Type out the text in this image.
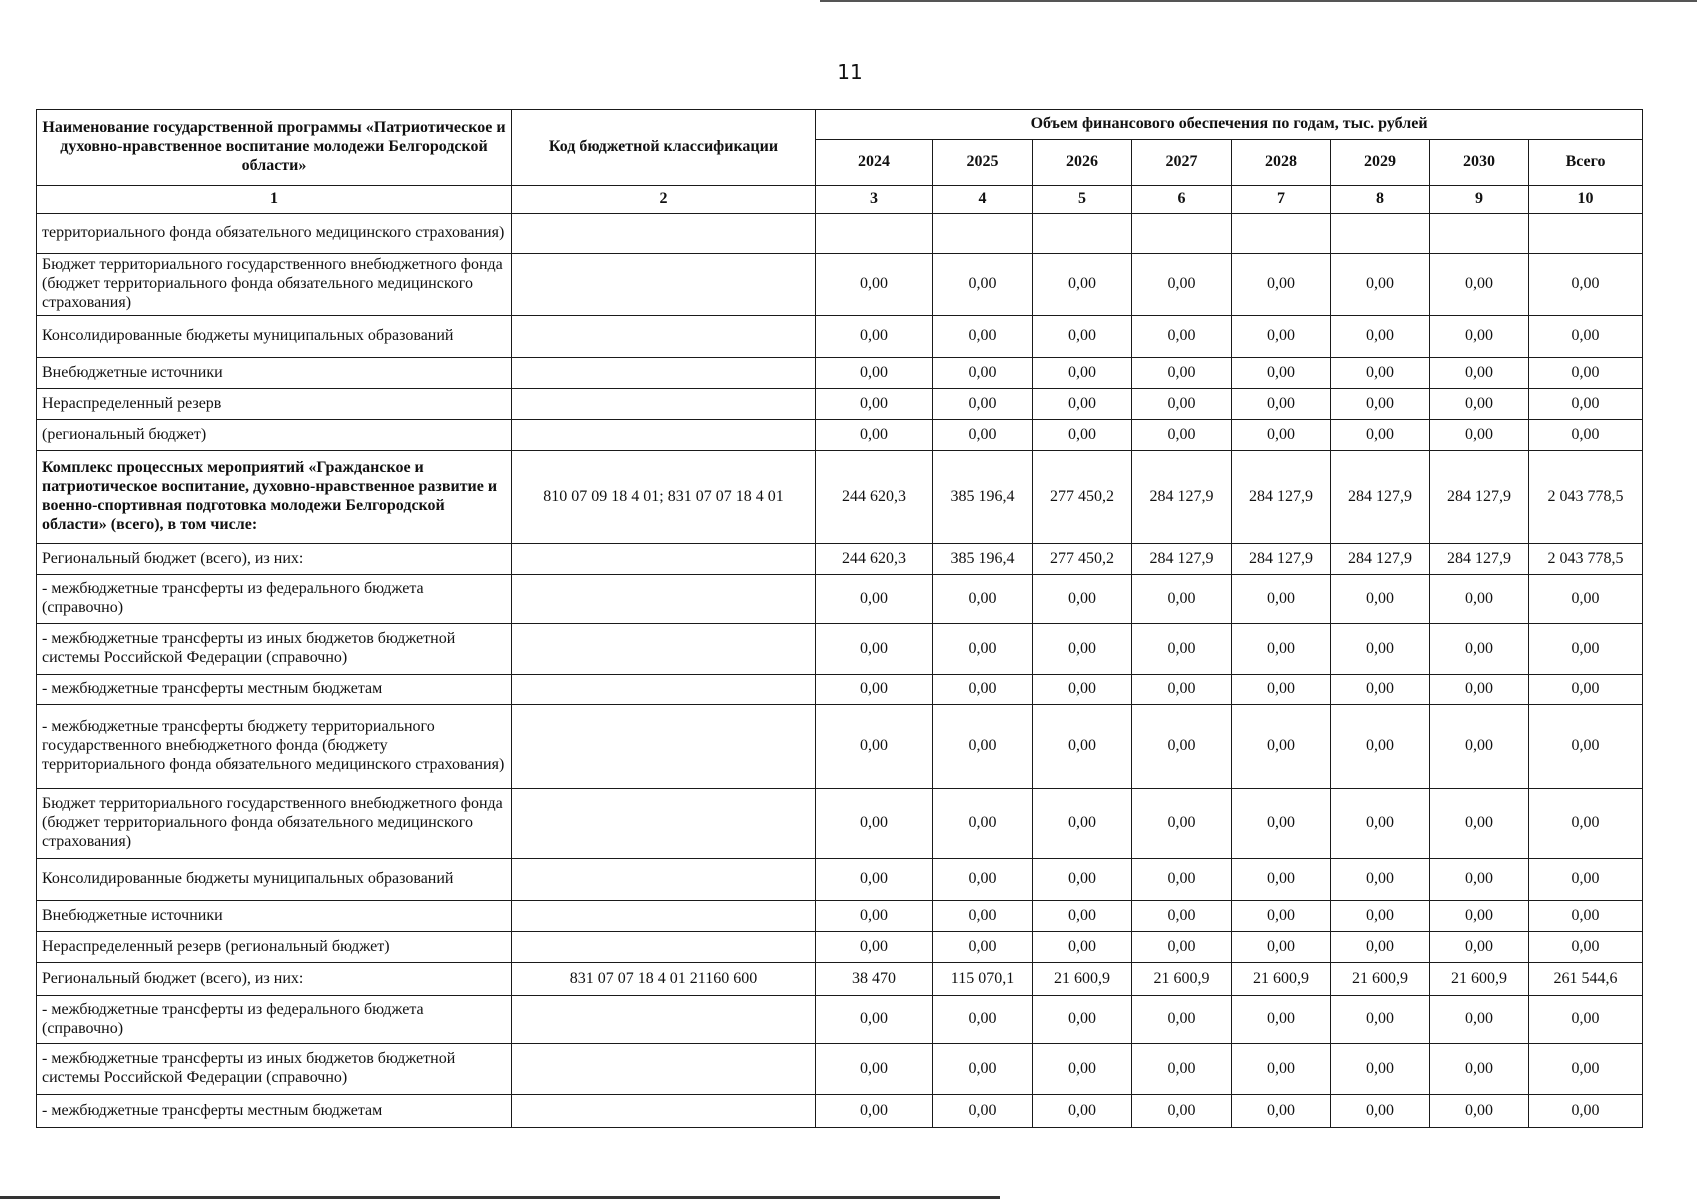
11
Наименование государственной программы «Патриотическое и духовно-нравственное воспитание молодежи Белгородской области»	Код бюджетной классификации	Объем финансового обеспечения по годам, тыс. рублей							
		2024	2025	2026	2027	2028	2029	2030	Всего
1	2	3	4	5	6	7	8	9	10
территориального фонда обязательного медицинского страхования)									
Бюджет территориального государственного внебюджетного фонда (бюджет территориального фонда обязательного медицинского страхования)		0,00	0,00	0,00	0,00	0,00	0,00	0,00	0,00
Консолидированные бюджеты муниципальных образований		0,00	0,00	0,00	0,00	0,00	0,00	0,00	0,00
Внебюджетные источники		0,00	0,00	0,00	0,00	0,00	0,00	0,00	0,00
Нераспределенный резерв		0,00	0,00	0,00	0,00	0,00	0,00	0,00	0,00
(региональный бюджет)		0,00	0,00	0,00	0,00	0,00	0,00	0,00	0,00
Комплекс процессных мероприятий «Гражданское и патриотическое воспитание, духовно-нравственное развитие и военно-спортивная подготовка молодежи Белгородской области» (всего), в том числе:	810 07 09 18 4 01; 831 07 07 18 4 01	244 620,3	385 196,4	277 450,2	284 127,9	284 127,9	284 127,9	284 127,9	2 043 778,5
Региональный бюджет (всего), из них:		244 620,3	385 196,4	277 450,2	284 127,9	284 127,9	284 127,9	284 127,9	2 043 778,5
- межбюджетные трансферты из федерального бюджета (справочно)		0,00	0,00	0,00	0,00	0,00	0,00	0,00	0,00
- межбюджетные трансферты из иных бюджетов бюджетной системы Российской Федерации (справочно)		0,00	0,00	0,00	0,00	0,00	0,00	0,00	0,00
- межбюджетные трансферты местным бюджетам		0,00	0,00	0,00	0,00	0,00	0,00	0,00	0,00
- межбюджетные трансферты бюджету территориального государственного внебюджетного фонда (бюджету территориального фонда обязательного медицинского страхования)		0,00	0,00	0,00	0,00	0,00	0,00	0,00	0,00
Бюджет территориального государственного внебюджетного фонда (бюджет территориального фонда обязательного медицинского страхования)		0,00	0,00	0,00	0,00	0,00	0,00	0,00	0,00
Консолидированные бюджеты муниципальных образований		0,00	0,00	0,00	0,00	0,00	0,00	0,00	0,00
Внебюджетные источники		0,00	0,00	0,00	0,00	0,00	0,00	0,00	0,00
Нераспределенный резерв (региональный бюджет)		0,00	0,00	0,00	0,00	0,00	0,00	0,00	0,00
Региональный бюджет (всего), из них:	831 07 07 18 4 01 21160 600	38 470	115 070,1	21 600,9	21 600,9	21 600,9	21 600,9	21 600,9	261 544,6
- межбюджетные трансферты из федерального бюджета (справочно)		0,00	0,00	0,00	0,00	0,00	0,00	0,00	0,00
- межбюджетные трансферты из иных бюджетов бюджетной системы Российской Федерации (справочно)		0,00	0,00	0,00	0,00	0,00	0,00	0,00	0,00
- межбюджетные трансферты местным бюджетам		0,00	0,00	0,00	0,00	0,00	0,00	0,00	0,00
